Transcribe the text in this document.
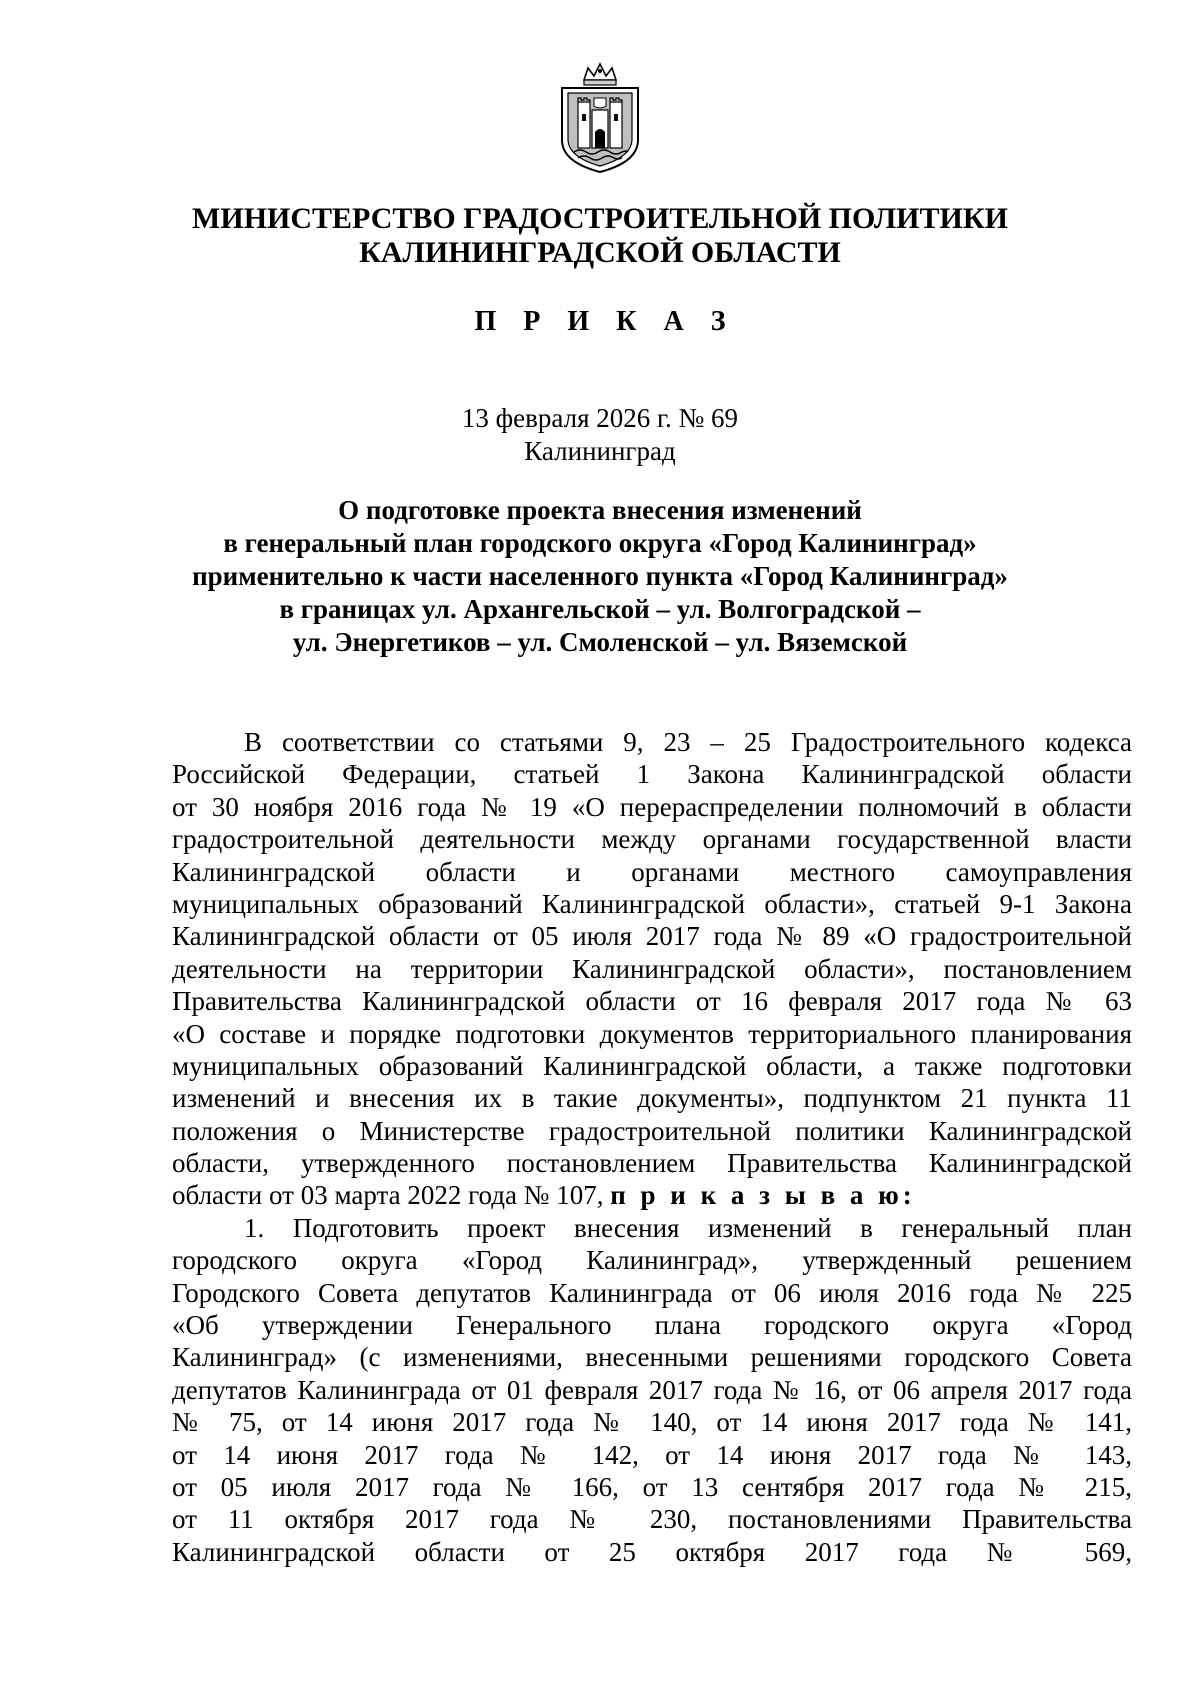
МИНИСТЕРСТВО ГРАДОСТРОИТЕЛЬНОЙ ПОЛИТИКИ
КАЛИНИНГРАДСКОЙ ОБЛАСТИ
П Р И К А З
13 февраля 2026 г. № 69
Калининград
О подготовке проекта внесения изменений
в генеральный план городского округа «Город Калининград»
применительно к части населенного пункта «Город Калининград»
в границах ул. Архангельской – ул. Волгоградской –
ул. Энергетиков – ул. Смоленской – ул. Вяземской
В соответствии со статьями 9, 23 – 25 Градостроительного кодекса
Российской Федерации, статьей 1 Закона Калининградской области
от 30 ноября 2016 года № 19 «О перераспределении полномочий в области
градостроительной деятельности между органами государственной власти
Калининградской области и органами местного самоуправления
муниципальных образований Калининградской области», статьей 9-1 Закона
Калининградской области от 05 июля 2017 года № 89 «О градостроительной
деятельности на территории Калининградской области», постановлением
Правительства Калининградской области от 16 февраля 2017 года № 63
«О составе и порядке подготовки документов территориального планирования
муниципальных образований Калининградской области, а также подготовки
изменений и внесения их в такие документы», подпунктом 21 пункта 11
положения о Министерстве градостроительной политики Калининградской
области, утвержденного постановлением Правительства Калининградской
области от 03 марта 2022 года № 107, п р и к а з ы в а ю:
1. Подготовить проект внесения изменений в генеральный план
городского округа «Город Калининград», утвержденный решением
Городского Совета депутатов Калининграда от 06 июля 2016 года № 225
«Об утверждении Генерального плана городского округа «Город
Калининград» (с изменениями, внесенными решениями городского Совета
депутатов Калининграда от 01 февраля 2017 года № 16, от 06 апреля 2017 года
№ 75, от 14 июня 2017 года № 140, от 14 июня 2017 года № 141,
от 14 июня 2017 года № 142, от 14 июня 2017 года № 143,
от 05 июля 2017 года № 166, от 13 сентября 2017 года № 215,
от 11 октября 2017 года № 230, постановлениями Правительства
Калининградской области от 25 октября 2017 года № 569,
